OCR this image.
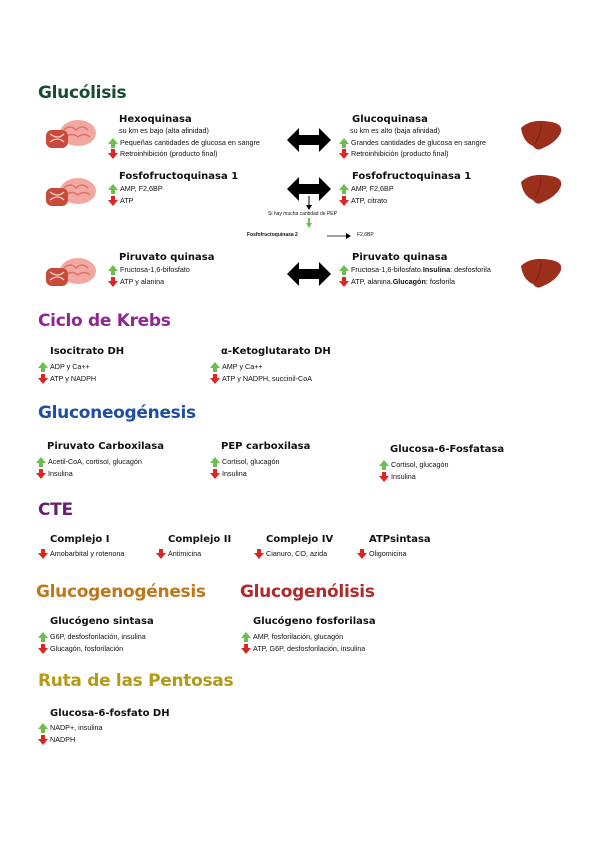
Glucólisis
Hexoquinasa
su km es bajo (alta afinidad)
Pequeñas cantidades de glucosa en sangre
Retroinhibición (producto final)
Glucoquinasa
su km es alto (baja afinidad)
Grandes cantidades de glucosa en sangre
Retroinhibición (producto final)
Fosfofructoquinasa 1
AMP, F2,6BP
ATP
Si hay mucha cantidad de PEP
Fosfofructoquinasa 2	F2,6BP
Fosfofructoquinasa 1
AMP, F2,6BP
ATP, citrato
Piruvato quinasa
Fructosa-1,6-bifosfato
ATP y alanina
Piruvato quinasa
Fructosa-1,6-bifosfato. Insulina : desfosforila
ATP, alanina. Glucagón : fosforila
Ciclo de Krebs
Isocitrato DH
ADP y Ca++
ATP y NADPH
α-Ketoglutarato DH
AMP y Ca++
ATP y NADPH, succinil-CoA
Gluconeogénesis
Piruvato Carboxilasa
Acetil-CoA, cortisol, glucagón
Insulina
PEP carboxilasa
Cortisol, glucagón
Insulina
Glucosa-6-Fosfatasa
Cortisol, glucagón
Insulina
CTE
Complejo I
Amobarbital y rotenona
Complejo II
Antimicina
Complejo IV
Cianuro, CO, azida
ATPsintasa
Oligomicina
Glucogenogénesis
Glucógeno sintasa
G6P, desfosforilación, insulina
Glucagón, fosforilación
Glucogenólisis
Glucógeno fosforilasa
AMP, fosforilación, glucagón
ATP, G6P, desfosforilación, insulina
Ruta de las Pentosas
Glucosa-6-fosfato DH
NADP+, insulina
NADPH
